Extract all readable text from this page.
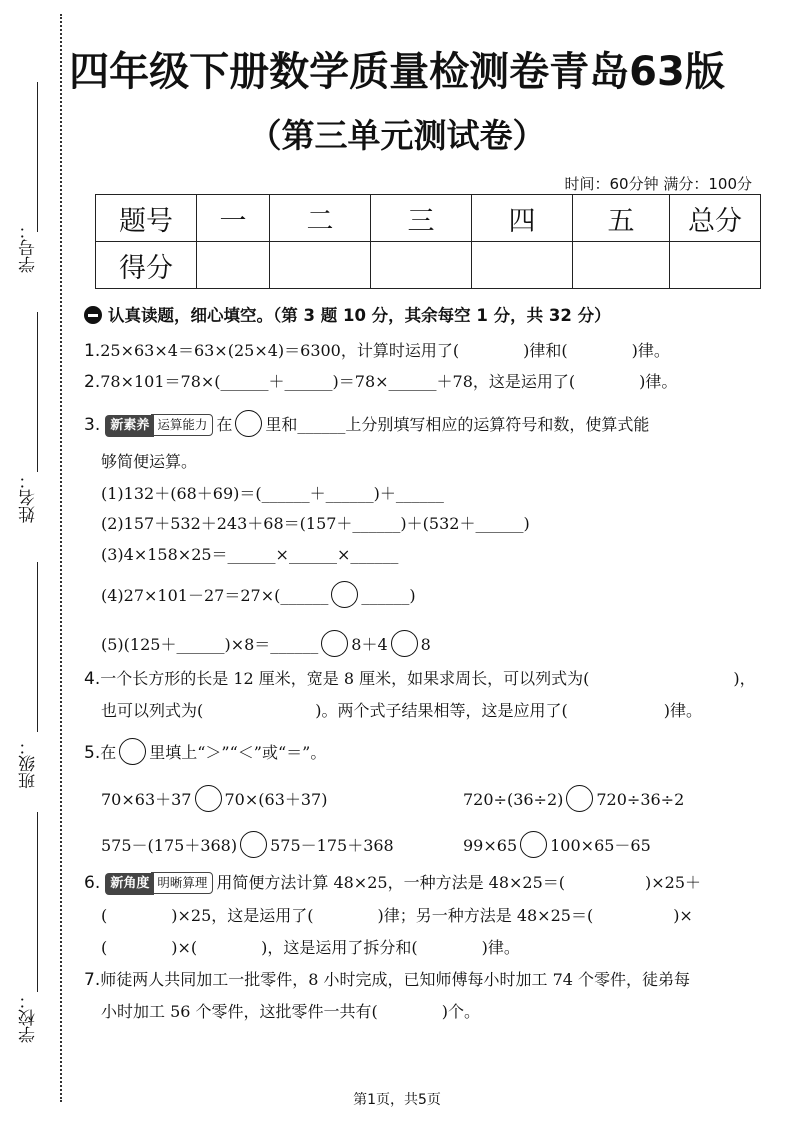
学号：
姓名：
班级：
学校：
四年级下册数学质量检测卷青岛63版
（第三单元测试卷）
时间：60分钟 满分：100分
题号	一	二	三	四	五	总分
得分						
认真读题，细心填空。（第 3 题 10 分，其余每空 1 分，共 32 分）
1.25×63×4＝63×(25×4)＝6300，计算时运用了(　　　　)律和(　　　　)律。
2.78×101＝78×(______＋______)＝78×______＋78，这是运用了(　　　　)律。
3. 新素养 运算能力 在 里和______上分别填写相应的运算符号和数，使算式能
够简便运算。
(1)132＋(68＋69)＝(______＋______)＋______
(2)157＋532＋243＋68＝(157＋______)＋(532＋______)
(3)4×158×25＝______×______×______
(4)27×101－27＝27×(______ ______)
(5)(125＋______)×8＝______ 8＋4 8
4.一个长方形的长是 12 厘米，宽是 8 厘米，如果求周长，可以列式为(　　　　　　　　　)，
也可以列式为(　　　　　　　)。两个式子结果相等，这是应用了(　　　　　　)律。
5.在 里填上“＞”“＜”或“＝”。
70×63＋37 70×(63＋37)	720÷(36÷2) 720÷36÷2
575－(175＋368) 575－175＋368	99×65 100×65－65
6. 新角度 明晰算理 用简便方法计算 48×25，一种方法是 48×25＝(　　　　　)×25＋
(　　　　)×25，这是运用了(　　　　)律；另一种方法是 48×25＝(　　　　　)×
(　　　　)×(　　　　)，这是运用了拆分和(　　　　)律。
7.师徒两人共同加工一批零件，8 小时完成，已知师傅每小时加工 74 个零件，徒弟每
小时加工 56 个零件，这批零件一共有(　　　　)个。
第1页，共5页
